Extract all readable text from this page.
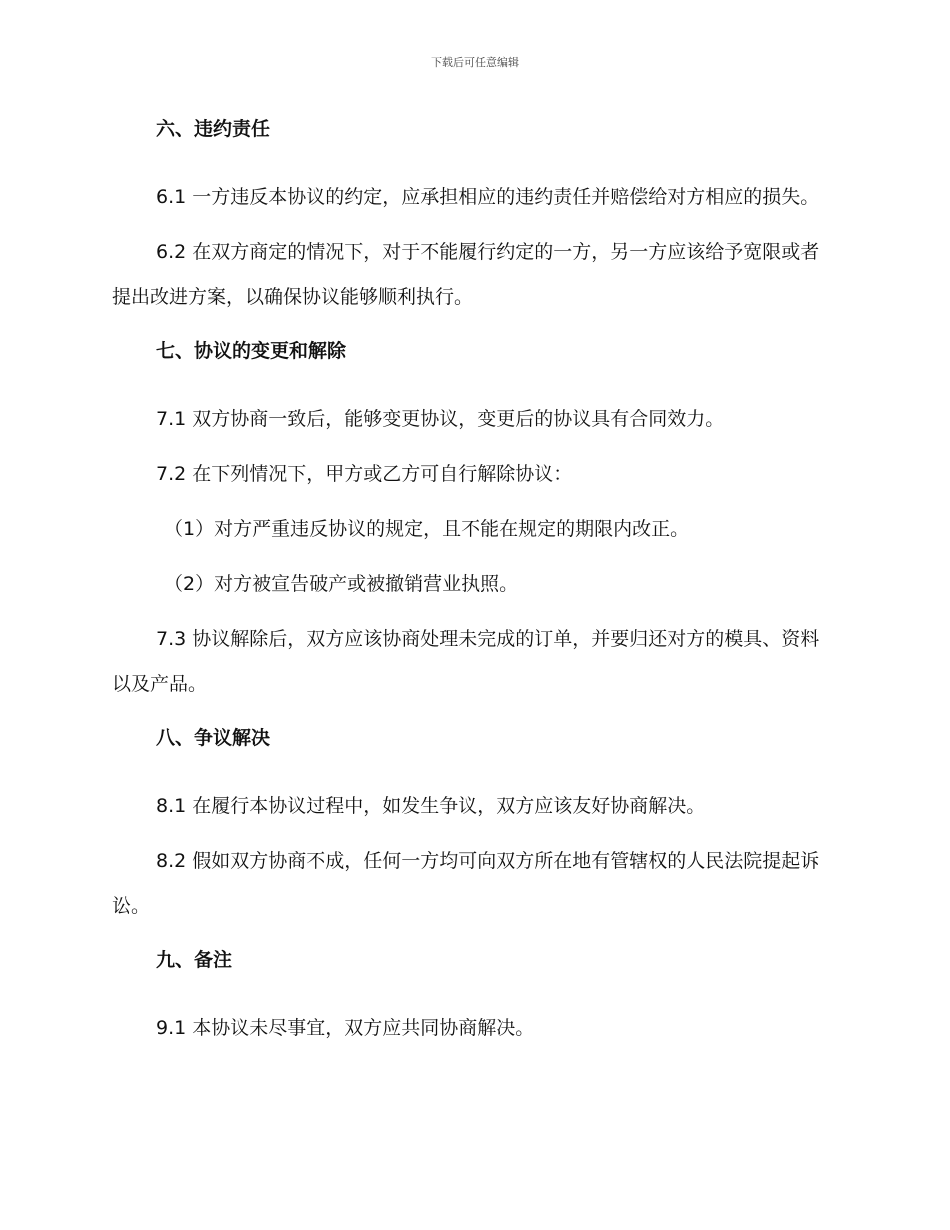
下载后可任意编辑
六、违约责任

6.1 一方违反本协议的约定，应承担相应的违约责任并赔偿给对方相应的损失。

6.2 在双方商定的情况下，对于不能履行约定的一方，另一方应该给予宽限或者提出改进方案，以确保协议能够顺利执行。

七、协议的变更和解除

7.1 双方协商一致后，能够变更协议，变更后的协议具有合同效力。

7.2 在下列情况下，甲方或乙方可自行解除协议：

（1）对方严重违反协议的规定，且不能在规定的期限内改正。

（2）对方被宣告破产或被撤销营业执照。

7.3 协议解除后，双方应该协商处理未完成的订单，并要归还对方的模具、资料以及产品。

八、争议解决

8.1 在履行本协议过程中，如发生争议，双方应该友好协商解决。

8.2 假如双方协商不成，任何一方均可向双方所在地有管辖权的人民法院提起诉讼。

九、备注

9.1 本协议未尽事宜，双方应共同协商解决。
